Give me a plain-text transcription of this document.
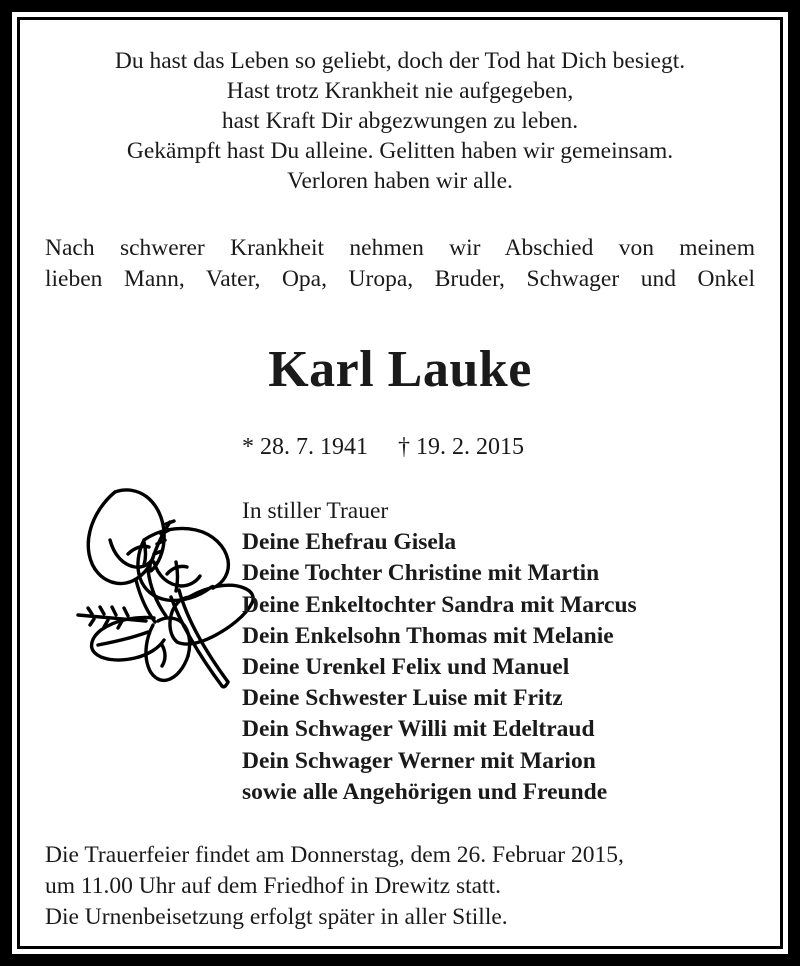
Du hast das Leben so geliebt, doch der Tod hat Dich besiegt.
Hast trotz Krankheit nie aufgegeben,
hast Kraft Dir abgezwungen zu leben.
Gekämpft hast Du alleine. Gelitten haben wir gemeinsam.
Verloren haben wir alle.
Nach schwerer Krankheit nehmen wir Abschied von meinem
lieben Mann, Vater, Opa, Uropa, Bruder, Schwager und Onkel
Karl Lauke
* 28. 7. 1941     † 19. 2. 2015
In stiller Trauer
Deine Ehefrau Gisela
Deine Tochter Christine mit Martin
Deine Enkeltochter Sandra mit Marcus
Dein Enkelsohn Thomas mit Melanie
Deine Urenkel Felix und Manuel
Deine Schwester Luise mit Fritz
Dein Schwager Willi mit Edeltraud
Dein Schwager Werner mit Marion
sowie alle Angehörigen und Freunde
Die Trauerfeier findet am Donnerstag, dem 26. Februar 2015,
um 11.00 Uhr auf dem Friedhof in Drewitz statt.
Die Urnenbeisetzung erfolgt später in aller Stille.
